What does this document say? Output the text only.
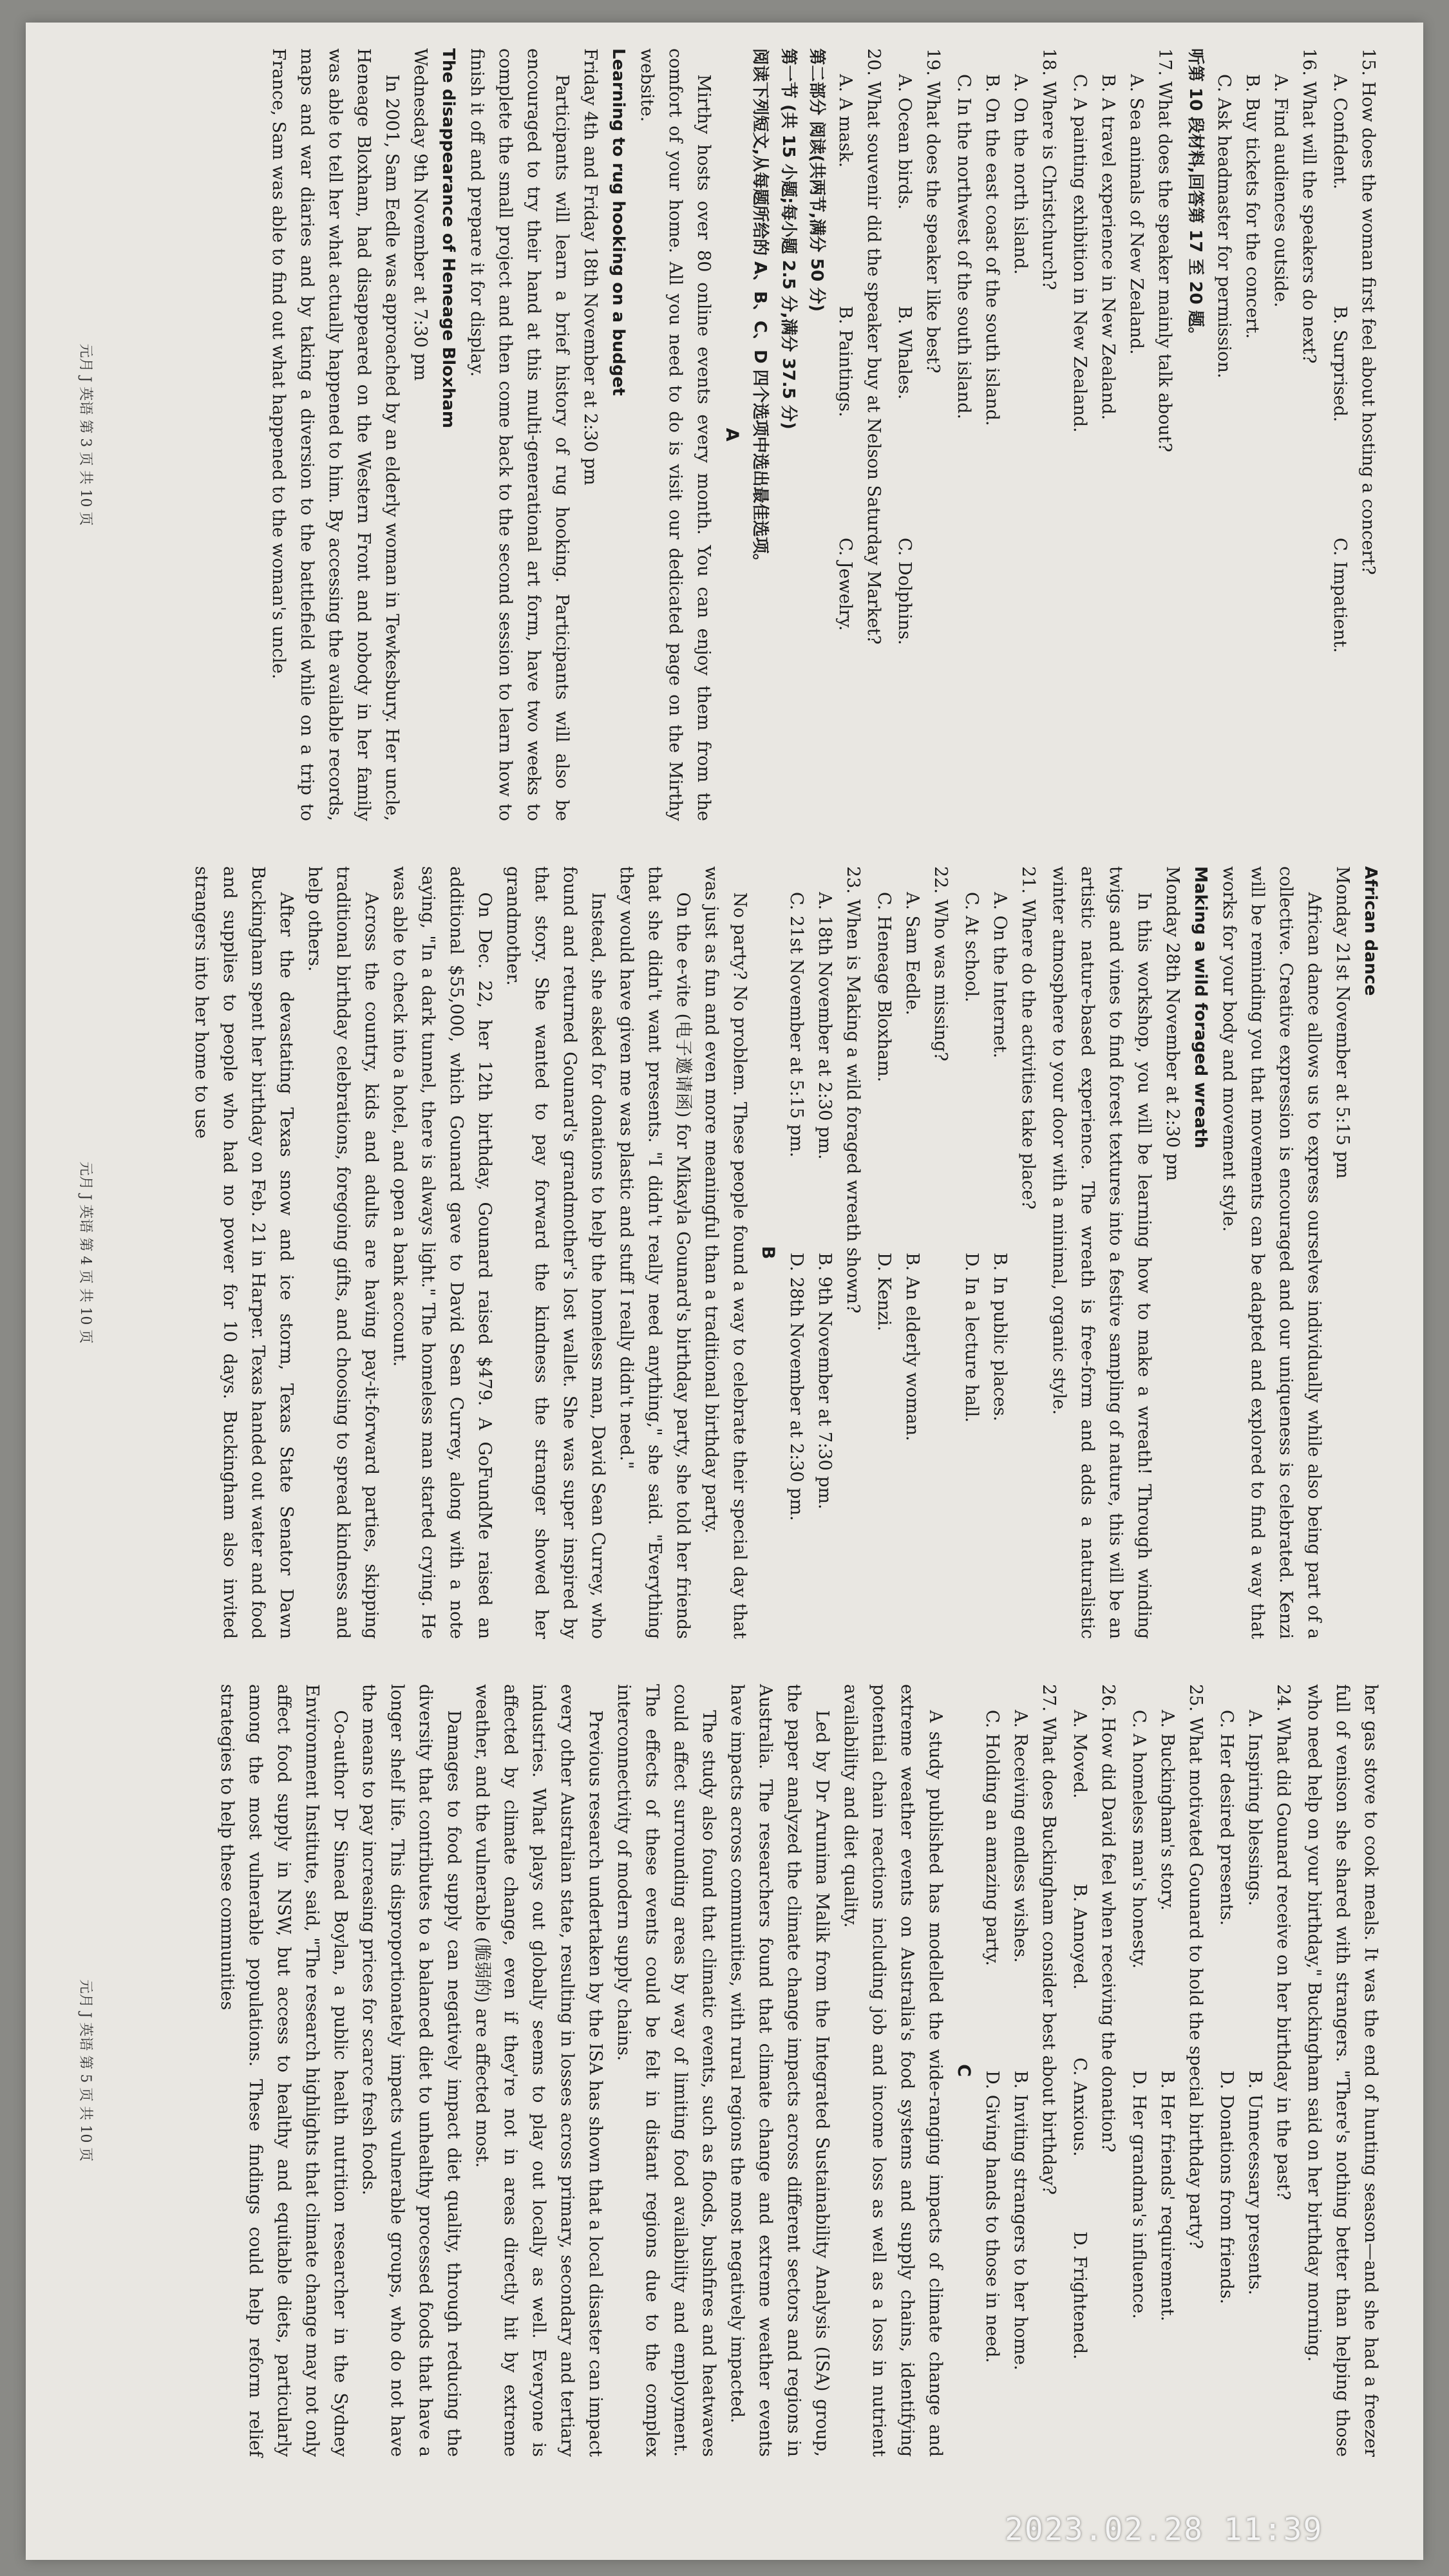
15. How does the woman first feel about hosting a concert?

A. Confident.
B. Surprised.
C. Impatient.

16. What will the speakers do next?

A. Find audiences outside.
B. Buy tickets for the concert.
C. Ask headmaster for permission.

听第 10 段材料,回答第 17 至 20 题。

17. What does the speaker mainly talk about?

A. Sea animals of New Zealand.
B. A travel experience in New Zealand.
C. A painting exhibition in New Zealand.

18. Where is Christchurch?

A. On the north island.
B. On the east coast of the south island.
C. In the northwest of the south island.

19. What does the speaker like best?

A. Ocean birds.
B. Whales.
C. Dolphins.

20. What souvenir did the speaker buy at Nelson Saturday Market?

A. A mask.
B. Paintings.
C. Jewelry.

第二部分 阅读(共两节,满分 50 分)

第一节 (共 15 小题;每小题 2.5 分,满分 37.5 分)

阅读下列短文,从每题所给的 A、B、C、D 四个选项中选出最佳选项。

A

Mirthy hosts over 80 online events every month. You can enjoy them from the comfort of your home. All you need to do is visit our dedicated page on the Mirthy website.

Learning to rug hooking on a budget

Friday 4th and Friday 18th November at 2:30 pm

Participants will learn a brief history of rug hooking. Participants will also be encouraged to try their hand at this multi-generational art form, have two weeks to complete the small project and then come back to the second session to learn how to finish it off and prepare it for display.

The disappearance of Heneage Bloxham

Wednesday 9th November at 7:30 pm

In 2001, Sam Eedle was approached by an elderly woman in Tewkesbury. Her uncle, Heneage Bloxham, had disappeared on the Western Front and nobody in her family was able to tell her what actually happened to him. By accessing the available records, maps and war diaries and by taking a diversion to the battlefield while on a trip to France, Sam was able to find out what happened to the woman's uncle.

African dance

Monday 21st November at 5:15 pm

African dance allows us to express ourselves individually while also being part of a collective. Creative expression is encouraged and our uniqueness is celebrated. Kenzi will be reminding you that movements can be adapted and explored to find a way that works for your body and movement style.

Making a wild foraged wreath

Monday 28th November at 2:30 pm

In this workshop, you will be learning how to make a wreath! Through winding twigs and vines to find forest textures into a festive sampling of nature, this will be an artistic nature-based experience. The wreath is free-form and adds a naturalistic winter atmosphere to your door with a minimal, organic style.

21. Where do the activities take place?

A. On the Internet.
B. In public places.
C. At school.
D. In a lecture hall.

22. Who was missing?

A. Sam Eedle.
B. An elderly woman.
C. Heneage Bloxham.
D. Kenzi.

23. When is Making a wild foraged wreath shown?

A. 18th November at 2:30 pm.
B. 9th November at 7:30 pm.
C. 21st November at 5:15 pm.
D. 28th November at 2:30 pm.

B

No party? No problem. These people found a way to celebrate their special day that was just as fun and even more meaningful than a traditional birthday party.

On the e-vite (电子邀请函) for Mikayla Gounard's birthday party, she told her friends that she didn't want presents. "I didn't really need anything," she said. "Everything they would have given me was plastic and stuff I really didn't need."

Instead, she asked for donations to help the homeless man, David Sean Currey, who found and returned Gounard's grandmother's lost wallet. She was super inspired by that story. She wanted to pay forward the kindness the stranger showed her grandmother.

On Dec. 22, her 12th birthday, Gounard raised $479. A GoFundMe raised an additional $55,000, which Gounard gave to David Sean Currey, along with a note saying, "In a dark tunnel, there is always light." The homeless man started crying. He was able to check into a hotel, and open a bank account.

Across the country, kids and adults are having pay-it-forward parties, skipping traditional birthday celebrations, foregoing gifts, and choosing to spread kindness and help others.

After the devastating Texas snow and ice storm, Texas State Senator Dawn Buckingham spent her birthday on Feb. 21 in Harper. Texas handed out water and food and supplies to people who had no power for 10 days. Buckingham also invited strangers into her home to use

her gas stove to cook meals. It was the end of hunting season—and she had a freezer full of venison she shared with strangers. "There's nothing better than helping those who need help on your birthday," Buckingham said on her birthday morning.

24. What did Gounard receive on her birthday in the past?

A. Inspiring blessings.
B. Unnecessary presents.
C. Her desired presents.
D. Donations from friends.

25. What motivated Gounard to hold the special birthday party?

A. Buckingham's story.
B. Her friends' requirement.
C. A homeless man's honesty.
D. Her grandma's influence.

26. How did David feel when receiving the donation?

A. Moved.
B. Annoyed.
C. Anxious.
D. Frightened.

27. What does Buckingham consider best about birthday?

A. Receiving endless wishes.
B. Inviting strangers to her home.
C. Holding an amazing party.
D. Giving hands to those in need.

C

A study published has modelled the wide-ranging impacts of climate change and extreme weather events on Australia's food systems and supply chains, identifying potential chain reactions including job and income loss as well as a loss in nutrient availability and diet quality.

Led by Dr Arunima Malik from the Integrated Sustainability Analysis (ISA) group, the paper analyzed the climate change impacts across different sectors and regions in Australia. The researchers found that climate change and extreme weather events have impacts across communities, with rural regions the most negatively impacted.

The study also found that climatic events, such as floods, bushfires and heatwaves could affect surrounding areas by way of limiting food availability and employment. The effects of these events could be felt in distant regions due to the complex interconnectivity of modern supply chains.

Previous research undertaken by the ISA has shown that a local disaster can impact every other Australian state, resulting in losses across primary, secondary and tertiary industries. What plays out globally seems to play out locally as well. Everyone is affected by climate change, even if they're not in areas directly hit by extreme weather, and the vulnerable (脆弱的) are affected most.

Damages to food supply can negatively impact diet quality, through reducing the diversity that contributes to a balanced diet to unhealthy processed foods that have a longer shelf life. This disproportionately impacts vulnerable groups, who do not have the means to pay increasing prices for scarce fresh foods.

Co-author Dr Sinead Boylan, a public health nutrition researcher in the Sydney Environment Institute, said, "The research highlights that climate change may not only affect food supply in NSW, but access to healthy and equitable diets, particularly among the most vulnerable populations. These findings could help reform relief strategies to help these communities

元月 J 英语 第 3 页 共 10 页
元月 J 英语 第 4 页 共 10 页
元月 J 英语 第 5 页 共 10 页
2023.02.28 11:39
